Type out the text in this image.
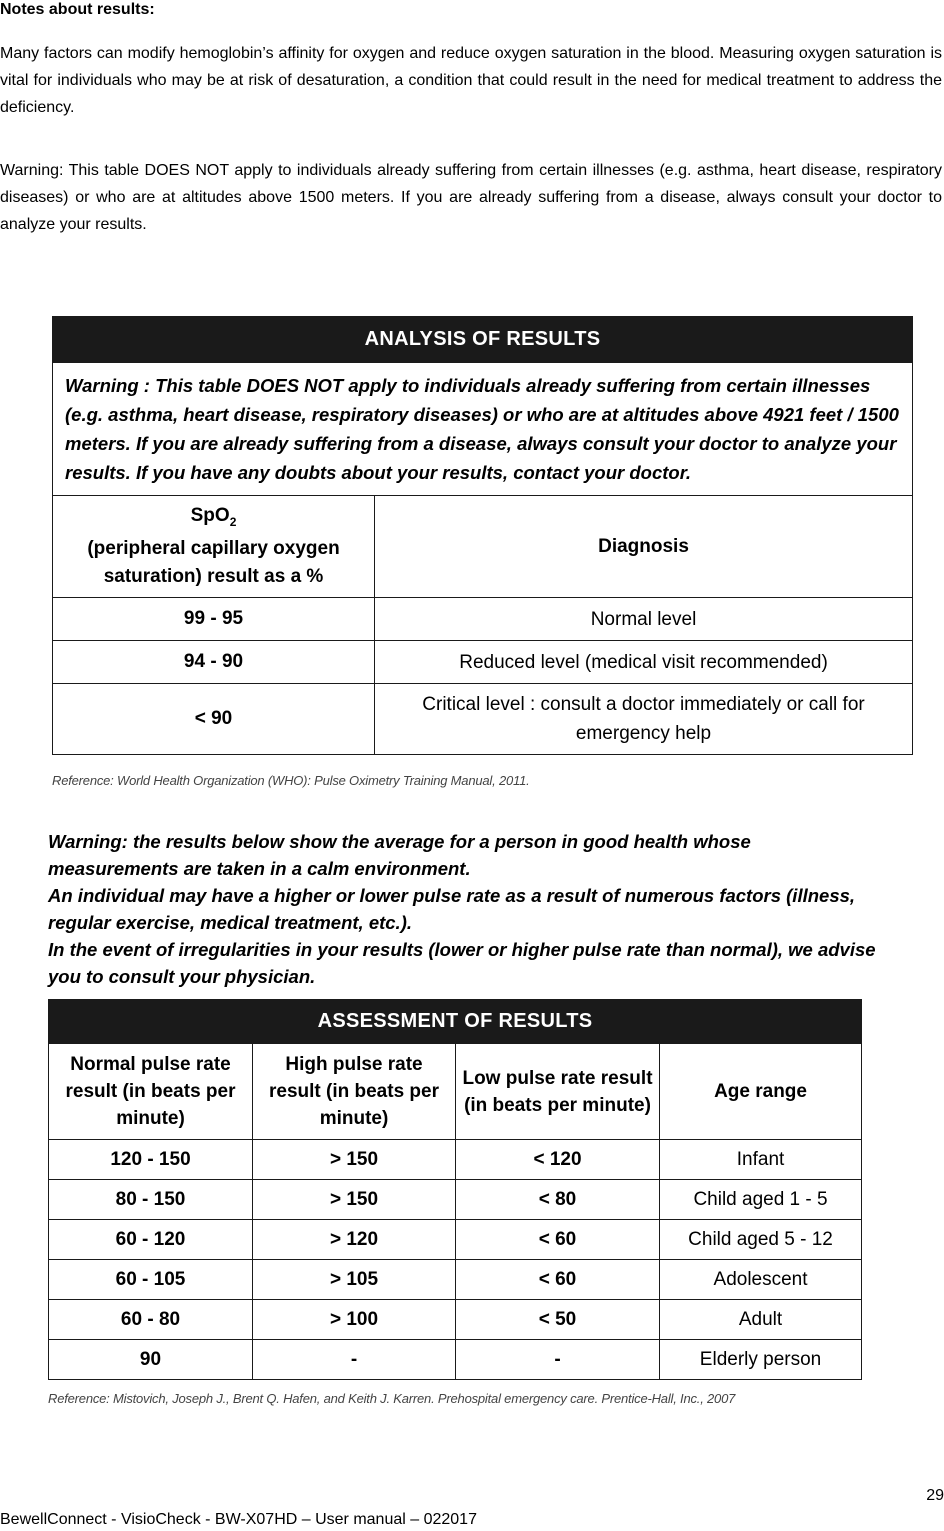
Notes about results:
Many factors can modify hemoglobin’s affinity for oxygen and reduce oxygen saturation in the blood. Measuring oxygen saturation is vital for individuals who may be at risk of desaturation, a condition that could result in the need for medical treatment to address the deficiency.
Warning: This table DOES NOT apply to individuals already suffering from certain illnesses (e.g. asthma, heart disease, respiratory diseases) or who are at altitudes above 1500 meters. If you are already suffering from a disease, always consult your doctor to analyze your results.
ANALYSIS OF RESULTS	
Warning : This table DOES NOT apply to individuals already suffering from certain illnesses (e.g. asthma, heart disease, respiratory diseases) or who are at altitudes above 4921 feet / 1500 meters. If you are already suffering from a disease, always consult your doctor to analyze your results. If you have any doubts about your results, contact your doctor.	
SpO$_2$
(peripheral capillary oxygen saturation) result as a %	Diagnosis
99 - 95	Normal level
94 - 90	Reduced level (medical visit recommended)
< 90	Critical level : consult a doctor immediately or call for emergency help
Reference: World Health Organization (WHO): Pulse Oximetry Training Manual, 2011.
Warning: the results below show the average for a person in good health whose measurements are taken in a calm environment.
An individual may have a higher or lower pulse rate as a result of numerous factors (illness, regular exercise, medical treatment, etc.).
In the event of irregularities in your results (lower or higher pulse rate than normal), we advise you to consult your physician.
ASSESSMENT OF RESULTS			
Normal pulse rate result (in beats per minute)	High pulse rate result (in beats per minute)	Low pulse rate result (in beats per minute)	Age range
120 - 150	> 150	< 120	Infant
80 - 150	> 150	< 80	Child aged 1 - 5
60 - 120	> 120	< 60	Child aged 5 - 12
60 - 105	> 105	< 60	Adolescent
60 - 80	> 100	< 50	Adult
90	-	-	Elderly person
Reference: Mistovich, Joseph J., Brent Q. Hafen, and Keith J. Karren. Prehospital emergency care. Prentice-Hall, Inc., 2007
29
BewellConnect - VisioCheck - BW-X07HD – User manual – 022017
